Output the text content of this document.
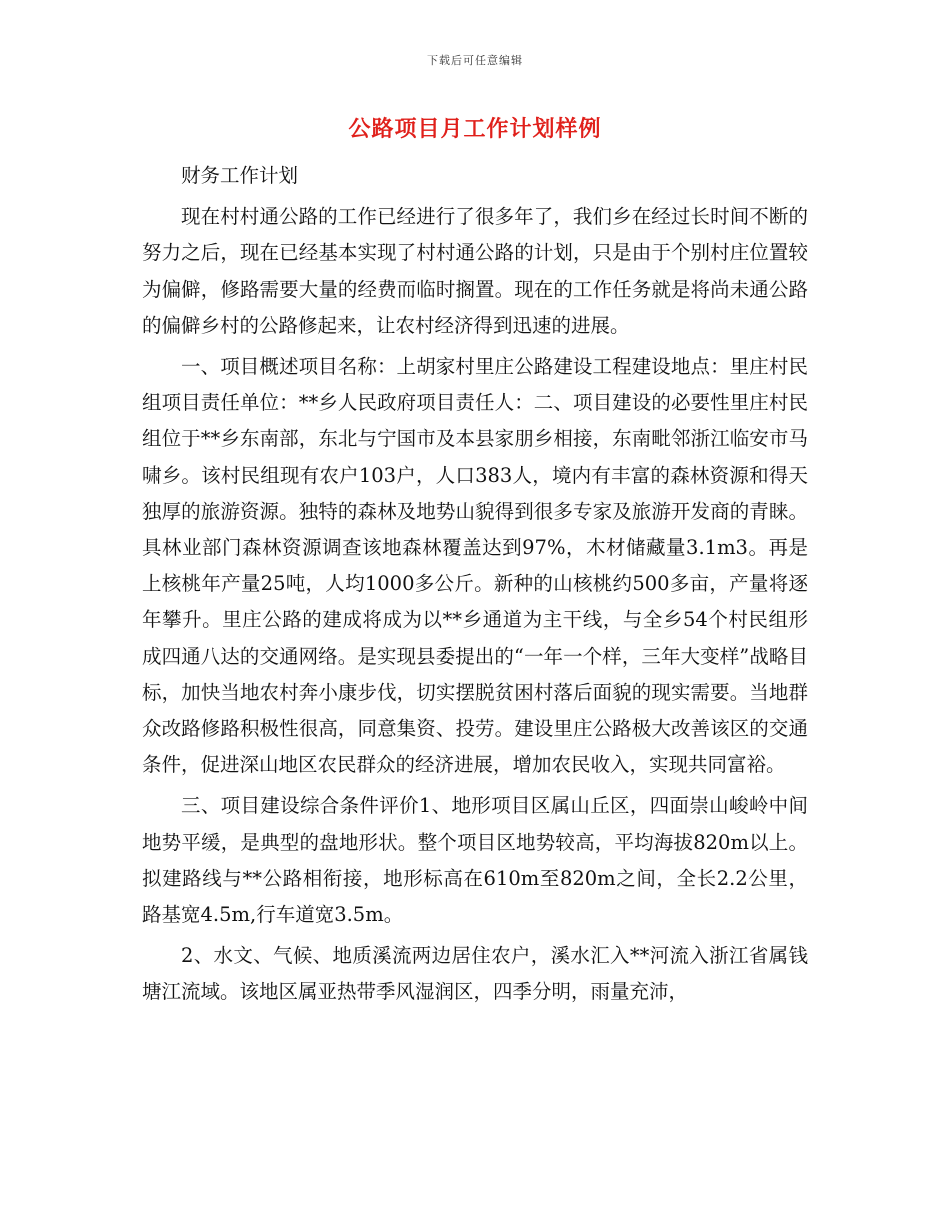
下载后可任意编辑
公路项目月工作计划样例

财务工作计划

现在村村通公路的工作已经进行了很多年了，我们乡在经过长时间不断的努力之后，现在已经基本实现了村村通公路的计划，只是由于个别村庄位置较为偏僻，修路需要大量的经费而临时搁置。现在的工作任务就是将尚未通公路的偏僻乡村的公路修起来，让农村经济得到迅速的进展。

一、项目概述项目名称：上胡家村里庄公路建设工程建设地点：里庄村民组项目责任单位：**乡人民政府项目责任人：二、项目建设的必要性里庄村民组位于**乡东南部，东北与宁国市及本县家朋乡相接，东南毗邻浙江临安市马啸乡。该村民组现有农户103户，人口383人，境内有丰富的森林资源和得天独厚的旅游资源。独特的森林及地势山貌得到很多专家及旅游开发商的青睐。具林业部门森林资源调查该地森林覆盖达到97%，木材储藏量3.1m3。再是上核桃年产量25吨，人均1000多公斤。新种的山核桃约500多亩，产量将逐年攀升。里庄公路的建成将成为以**乡通道为主干线，与全乡54个村民组形成四通八达的交通网络。是实现县委提出的“一年一个样，三年大变样”战略目标，加快当地农村奔小康步伐，切实摆脱贫困村落后面貌的现实需要。当地群众改路修路积极性很高，同意集资、投劳。建设里庄公路极大改善该区的交通条件，促进深山地区农民群众的经济进展，增加农民收入，实现共同富裕。

三、项目建设综合条件评价1、地形项目区属山丘区，四面崇山峻岭中间地势平缓，是典型的盘地形状。整个项目区地势较高，平均海拔820m以上。拟建路线与**公路相衔接，地形标高在610m至820m之间，全长2.2公里，路基宽4.5m,行车道宽3.5m。

2、水文、气候、地质溪流两边居住农户，溪水汇入**河流入浙江省属钱塘江流域。该地区属亚热带季风湿润区，四季分明，雨量充沛，
